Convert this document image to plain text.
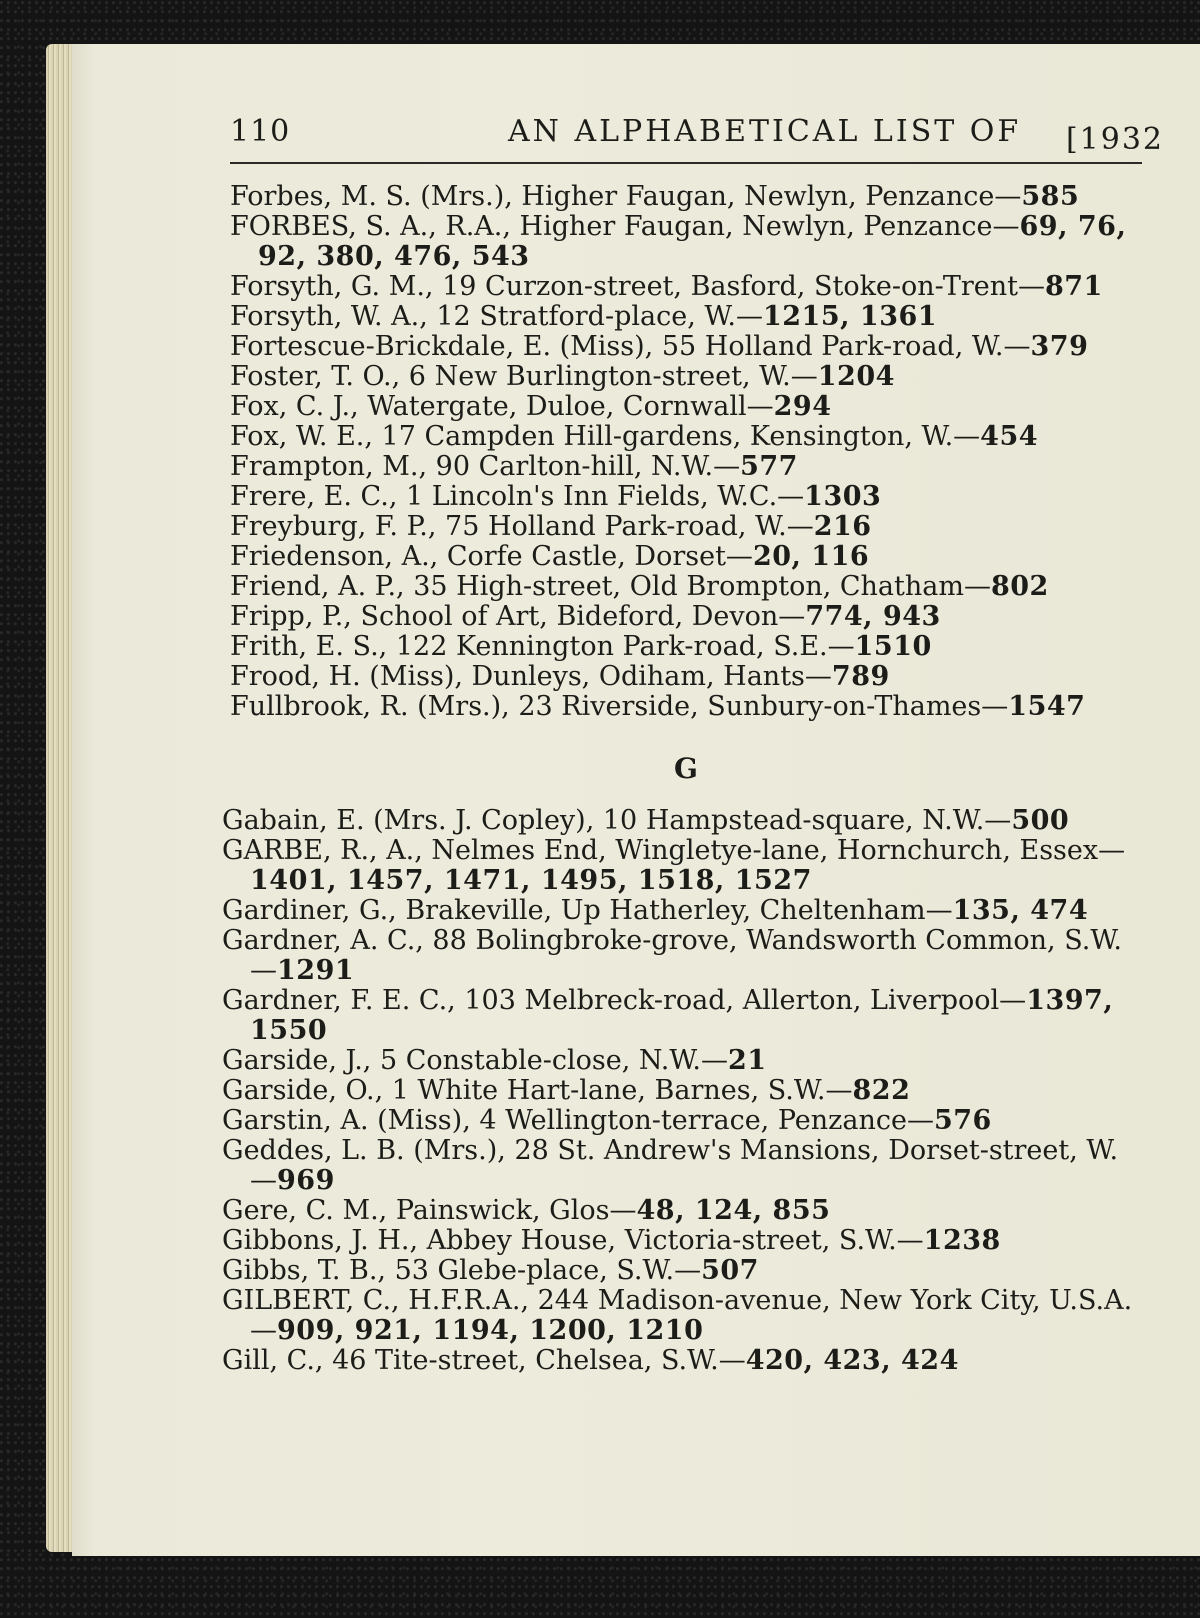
110	AN ALPHABETICAL LIST OF [1932

Forbes, M. S. (Mrs.), Higher Faugan, Newlyn, Penzance—585

FORBES, S. A., R.A., Higher Faugan, Newlyn, Penzance—69, 76, 92, 380, 476, 543

Forsyth, G. M., 19 Curzon-street, Basford, Stoke-on-Trent—871

Forsyth, W. A., 12 Stratford-place, W.—1215, 1361

Fortescue-Brickdale, E. (Miss), 55 Holland Park-road, W.—379

Foster, T. O., 6 New Burlington-street, W.—1204

Fox, C. J., Watergate, Duloe, Cornwall—294

Fox, W. E., 17 Campden Hill-gardens, Kensington, W.—454

Frampton, M., 90 Carlton-hill, N.W.—577

Frere, E. C., 1 Lincoln's Inn Fields, W.C.—1303

Freyburg, F. P., 75 Holland Park-road, W.—216

Friedenson, A., Corfe Castle, Dorset—20, 116

Friend, A. P., 35 High-street, Old Brompton, Chatham—802

Fripp, P., School of Art, Bideford, Devon—774, 943

Frith, E. S., 122 Kennington Park-road, S.E.—1510

Frood, H. (Miss), Dunleys, Odiham, Hants—789

Fullbrook, R. (Mrs.), 23 Riverside, Sunbury-on-Thames—1547

G

Gabain, E. (Mrs. J. Copley), 10 Hampstead-square, N.W.—500

GARBE, R., A., Nelmes End, Wingletye-lane, Hornchurch, Essex—1401, 1457, 1471, 1495, 1518, 1527

Gardiner, G., Brakeville, Up Hatherley, Cheltenham—135, 474

Gardner, A. C., 88 Bolingbroke-grove, Wandsworth Common, S.W.—1291

Gardner, F. E. C., 103 Melbreck-road, Allerton, Liverpool—1397, 1550

Garside, J., 5 Constable-close, N.W.—21

Garside, O., 1 White Hart-lane, Barnes, S.W.—822

Garstin, A. (Miss), 4 Wellington-terrace, Penzance—576

Geddes, L. B. (Mrs.), 28 St. Andrew's Mansions, Dorset-street, W.—969

Gere, C. M., Painswick, Glos—48, 124, 855

Gibbons, J. H., Abbey House, Victoria-street, S.W.—1238

Gibbs, T. B., 53 Glebe-place, S.W.—507

GILBERT, C., H.F.R.A., 244 Madison-avenue, New York City, U.S.A.—909, 921, 1194, 1200, 1210

Gill, C., 46 Tite-street, Chelsea, S.W.—420, 423, 424
